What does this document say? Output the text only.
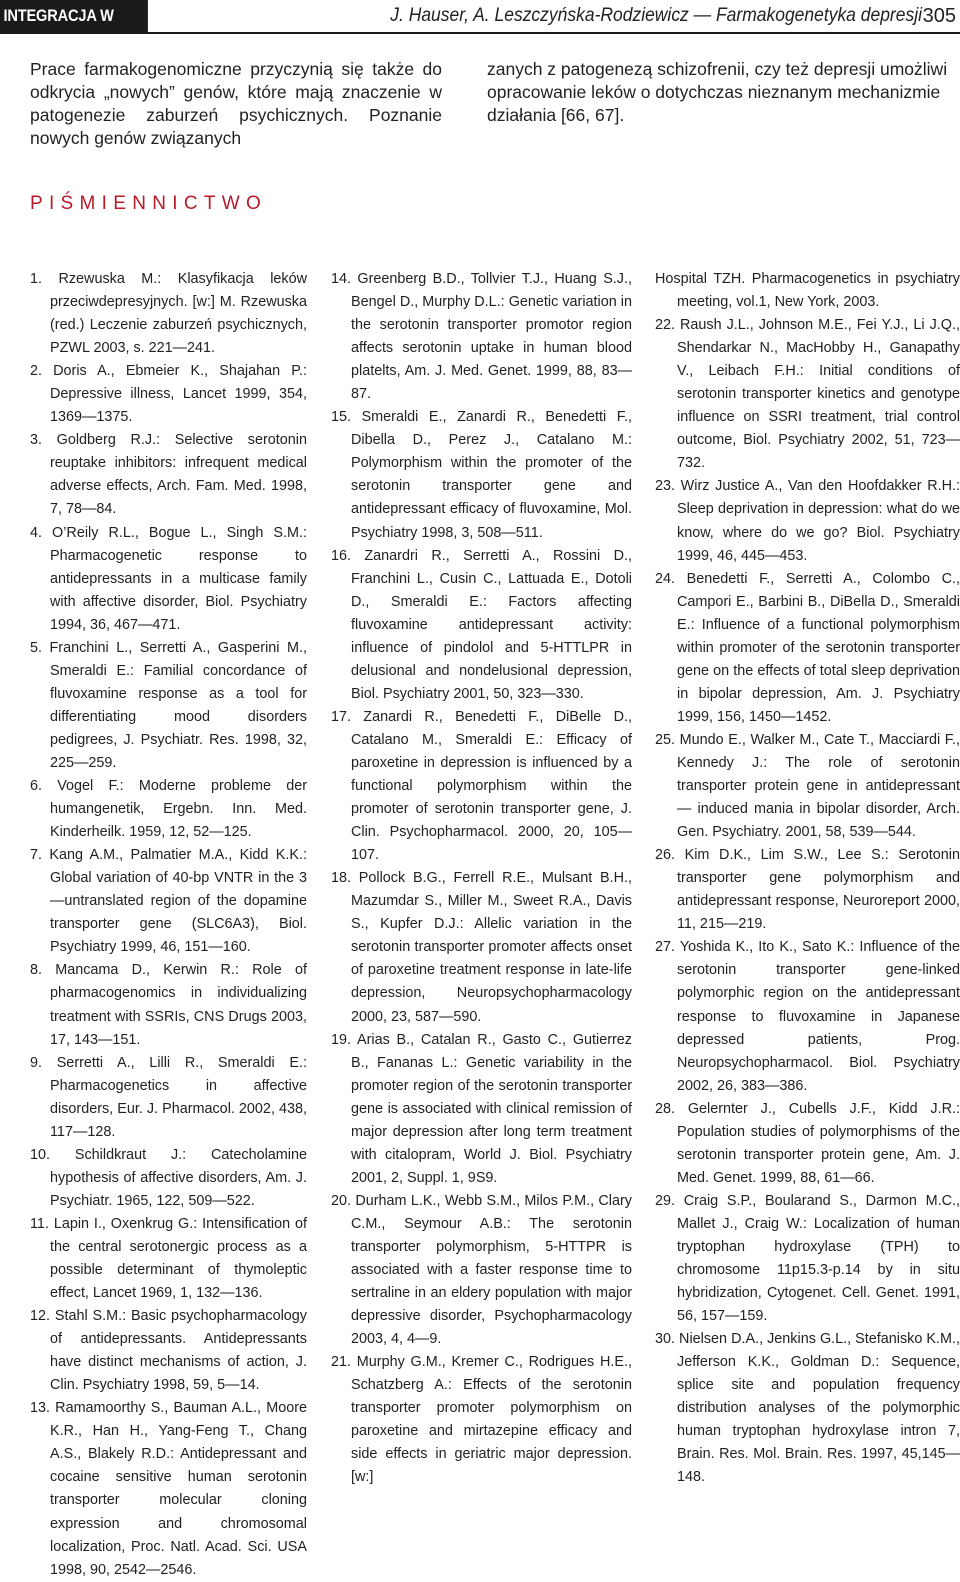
INTEGRACJA W PSYCHIATRII
J. Hauser, A. Leszczyńska-Rodziewicz — Farmakogenetyka depresji 305

Prace farmakogenomiczne przyczynią się także do odkrycia „nowych” genów, które mają znaczenie w patogenezie zaburzeń psychicznych. Poznanie nowych genów związanych

zanych z patogenezą schizofrenii, czy też depresji umożliwi opracowanie leków o dotychczas nieznanym mechanizmie działania [66, 67].

PIŚMIENNICTWO

1. Rzewuska M.: Klasyfikacja leków przeciwdepresyjnych. [w:] M. Rzewuska (red.) Leczenie zaburzeń psychicznych, PZWL 2003, s. 221—241.

2. Doris A., Ebmeier K., Shajahan P.: Depressive illness, Lancet 1999, 354, 1369—1375.

3. Goldberg R.J.: Selective serotonin reuptake inhibitors: infrequent medical adverse effects, Arch. Fam. Med. 1998, 7, 78—84.

4. O’Reily R.L., Bogue L., Singh S.M.: Pharmacogenetic response to antidepressants in a multicase family with affective disorder, Biol. Psychiatry 1994, 36, 467—471.

5. Franchini L., Serretti A., Gasperini M., Smeraldi E.: Familial concordance of fluvoxamine response as a tool for differentiating mood disorders pedigrees, J. Psychiatr. Res. 1998, 32, 225—259.

6. Vogel F.: Moderne probleme der humangenetik, Ergebn. Inn. Med. Kinderheilk. 1959, 12, 52—125.

7. Kang A.M., Palmatier M.A., Kidd K.K.: Global variation of 40-bp VNTR in the 3—untranslated region of the dopamine transporter gene (SLC6A3), Biol. Psychiatry 1999, 46, 151—160.

8. Mancama D., Kerwin R.: Role of pharmacogenomics in individualizing treatment with SSRIs, CNS Drugs 2003, 17, 143—151.

9. Serretti A., Lilli R., Smeraldi E.: Pharmacogenetics in affective disorders, Eur. J. Pharmacol. 2002, 438, 117—128.

10. Schildkraut J.: Catecholamine hypothesis of affective disorders, Am. J. Psychiatr. 1965, 122, 509—522.

11. Lapin I., Oxenkrug G.: Intensification of the central serotonergic process as a possible determinant of thymoleptic effect, Lancet 1969, 1, 132—136.

12. Stahl S.M.: Basic psychopharmacology of antidepressants. Antidepressants have distinct mechanisms of action, J. Clin. Psychiatry 1998, 59, 5—14.

13. Ramamoorthy S., Bauman A.L., Moore K.R., Han H., Yang-Feng T., Chang A.S., Blakely R.D.: Antidepressant and cocaine sensitive human serotonin transporter molecular cloning expression and chromosomal localization, Proc. Natl. Acad. Sci. USA 1998, 90, 2542—2546.

14. Greenberg B.D., Tollvier T.J., Huang S.J., Bengel D., Murphy D.L.: Genetic variation in the serotonin transporter promotor region affects serotonin uptake in human blood platelts, Am. J. Med. Genet. 1999, 88, 83—87.

15. Smeraldi E., Zanardi R., Benedetti F., Dibella D., Perez J., Catalano M.: Polymorphism within the promoter of the serotonin transporter gene and antidepressant efficacy of fluvoxamine, Mol. Psychiatry 1998, 3, 508—511.

16. Zanardri R., Serretti A., Rossini D., Franchini L., Cusin C., Lattuada E., Dotoli D., Smeraldi E.: Factors affecting fluvoxamine antidepressant activity: influence of pindolol and 5-HTTLPR in delusional and nondelusional depression, Biol. Psychiatry 2001, 50, 323—330.

17. Zanardi R., Benedetti F., DiBelle D., Catalano M., Smeraldi E.: Efficacy of paroxetine in depression is influenced by a functional polymorphism within the promoter of serotonin transporter gene, J. Clin. Psychopharmacol. 2000, 20, 105—107.

18. Pollock B.G., Ferrell R.E., Mulsant B.H., Mazumdar S., Miller M., Sweet R.A., Davis S., Kupfer D.J.: Allelic variation in the serotonin transporter promoter affects onset of paroxetine treatment response in late-life depression, Neuropsychopharmacology 2000, 23, 587—590.

19. Arias B., Catalan R., Gasto C., Gutierrez B., Fananas L.: Genetic variability in the promoter region of the serotonin transporter gene is associated with clinical remission of major depression after long term treatment with citalopram, World J. Biol. Psychiatry 2001, 2, Suppl. 1, 9S9.

20. Durham L.K., Webb S.M., Milos P.M., Clary C.M., Seymour A.B.: The serotonin transporter polymorphism, 5-HTTPR is associated with a faster response time to sertraline in an eldery population with major depressive disorder, Psychopharmacology 2003, 4, 4—9.

21. Murphy G.M., Kremer C., Rodrigues H.E., Schatzberg A.: Effects of the serotonin transporter promoter polymorphism on paroxetine and mirtazepine efficacy and side effects in geriatric major depression. [w:]

Hospital TZH. Pharmacogenetics in psychiatry meeting, vol.1, New York, 2003.

22. Raush J.L., Johnson M.E., Fei Y.J., Li J.Q., Shendarkar N., MacHobby H., Ganapathy V., Leibach F.H.: Initial conditions of serotonin transporter kinetics and genotype influence on SSRI treatment, trial control outcome, Biol. Psychiatry 2002, 51, 723—732.

23. Wirz Justice A., Van den Hoofdakker R.H.: Sleep deprivation in depression: what do we know, where do we go? Biol. Psychiatry 1999, 46, 445—453.

24. Benedetti F., Serretti A., Colombo C., Campori E., Barbini B., DiBella D., Smeraldi E.: Influence of a functional polymorphism within promoter of the serotonin transporter gene on the effects of total sleep deprivation in bipolar depression, Am. J. Psychiatry 1999, 156, 1450—1452.

25. Mundo E., Walker M., Cate T., Macciardi F., Kennedy J.: The role of serotonin transporter protein gene in antidepressant — induced mania in bipolar disorder, Arch. Gen. Psychiatry. 2001, 58, 539—544.

26. Kim D.K., Lim S.W., Lee S.: Serotonin transporter gene polymorphism and antidepressant response, Neuroreport 2000, 11, 215—219.

27. Yoshida K., Ito K., Sato K.: Influence of the serotonin transporter gene-linked polymorphic region on the antidepressant response to fluvoxamine in Japanese depressed patients, Prog. Neuropsychopharmacol. Biol. Psychiatry 2002, 26, 383—386.

28. Gelernter J., Cubells J.F., Kidd J.R.: Population studies of polymorphisms of the serotonin transporter protein gene, Am. J. Med. Genet. 1999, 88, 61—66.

29. Craig S.P., Boularand S., Darmon M.C., Mallet J., Craig W.: Localization of human tryptophan hydroxylase (TPH) to chromosome 11p15.3-p.14 by in situ hybridization, Cytogenet. Cell. Genet. 1991, 56, 157—159.

30. Nielsen D.A., Jenkins G.L., Stefanisko K.M., Jefferson K.K., Goldman D.: Sequence, splice site and population frequency distribution analyses of the polymorphic human tryptophan hydroxylase intron 7, Brain. Res. Mol. Brain. Res. 1997, 45,145—148.
